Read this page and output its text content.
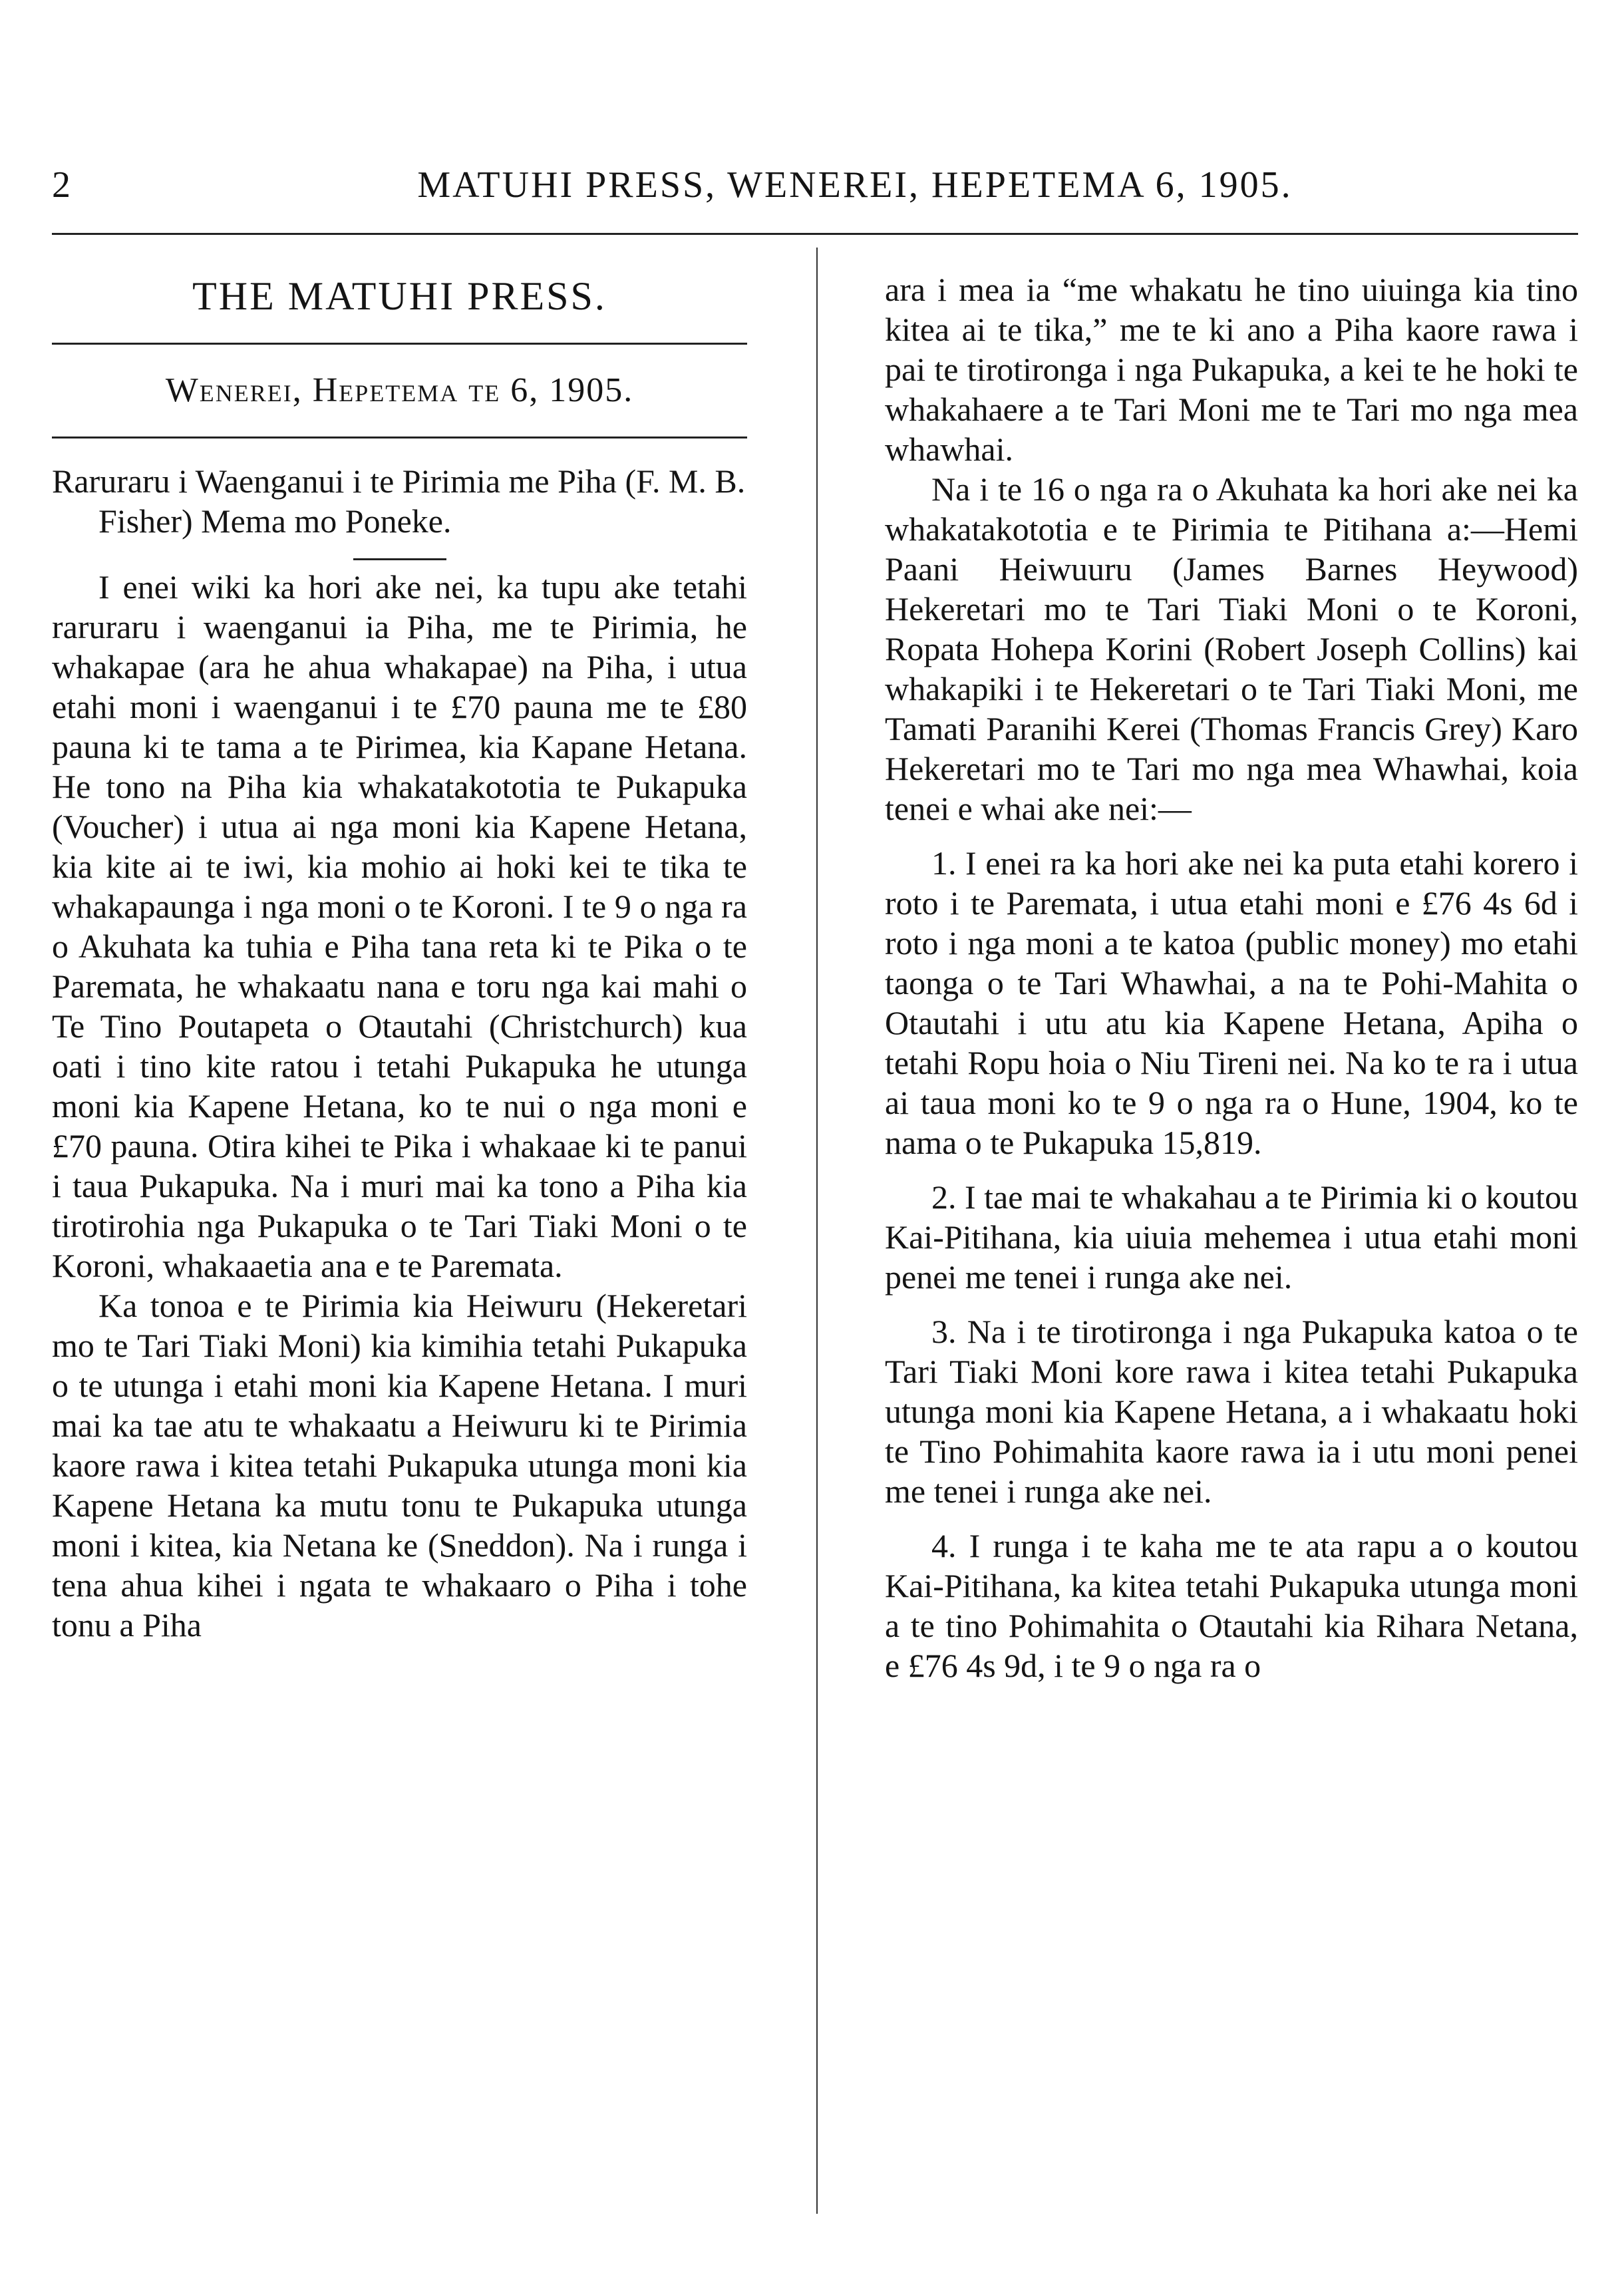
2	MATUHI PRESS, WENEREI, HEPETEMA 6, 1905.
THE MATUHI PRESS.
Wenerei, Hepetema te 6, 1905.

Raruraru i Waenganui i te Pirimia me Piha (F. M. B. Fisher) Mema mo Poneke.

I enei wiki ka hori ake nei, ka tupu ake tetahi raruraru i waenganui ia Piha, me te Pirimia, he whakapae (ara he ahua whakapae) na Piha, i utua etahi moni i waenganui i te £70 pauna me te £80 pauna ki te tama a te Pirimea, kia Kapane Hetana. He tono na Piha kia whakatakototia te Pukapuka (Voucher) i utua ai nga moni kia Kapene Hetana, kia kite ai te iwi, kia mohio ai hoki kei te tika te whakapaunga i nga moni o te Koroni. I te 9 o nga ra o Akuhata ka tuhia e Piha tana reta ki te Pika o te Paremata, he whakaatu nana e toru nga kai mahi o Te Tino Poutapeta o Otautahi (Christchurch) kua oati i tino kite ratou i tetahi Pukapuka he utunga moni kia Kapene Hetana, ko te nui o nga moni e £70 pauna. Otira kihei te Pika i whakaae ki te panui i taua Pukapuka. Na i muri mai ka tono a Piha kia tirotirohia nga Pukapuka o te Tari Tiaki Moni o te Koroni, whakaaetia ana e te Paremata.

Ka tonoa e te Pirimia kia Heiwuru (Hekeretari mo te Tari Tiaki Moni) kia kimihia tetahi Pukapuka o te utunga i etahi moni kia Kapene Hetana. I muri mai ka tae atu te whakaatu a Heiwuru ki te Pirimia kaore rawa i kitea tetahi Pukapuka utunga moni kia Kapene Hetana ka mutu tonu te Pukapuka utunga moni i kitea, kia Netana ke (Sneddon). Na i runga i tena ahua kihei i ngata te whakaaro o Piha i tohe tonu a Piha

ara i mea ia “me whakatu he tino uiuinga kia tino kitea ai te tika,” me te ki ano a Piha kaore rawa i pai te tirotironga i nga Pukapuka, a kei te he hoki te whakahaere a te Tari Moni me te Tari mo nga mea whawhai.

Na i te 16 o nga ra o Akuhata ka hori ake nei ka whakatakototia e te Pirimia te Pitihana a:—Hemi Paani Heiwuuru (James Barnes Heywood) Hekeretari mo te Tari Tiaki Moni o te Koroni, Ropata Hohepa Korini (Robert Joseph Collins) kai whakapiki i te Hekeretari o te Tari Tiaki Moni, me Tamati Paranihi Kerei (Thomas Francis Grey) Karo Hekeretari mo te Tari mo nga mea Whawhai, koia tenei e whai ake nei:—

1. I enei ra ka hori ake nei ka puta etahi korero i roto i te Paremata, i utua etahi moni e £76 4s 6d i roto i nga moni a te katoa (public money) mo etahi taonga o te Tari Whawhai, a na te Pohi-Mahita o Otautahi i utu atu kia Kapene Hetana, Apiha o tetahi Ropu hoia o Niu Tireni nei. Na ko te ra i utua ai taua moni ko te 9 o nga ra o Hune, 1904, ko te nama o te Pukapuka 15,819.

2. I tae mai te whakahau a te Pirimia ki o koutou Kai-Pitihana, kia uiuia mehemea i utua etahi moni penei me tenei i runga ake nei.

3. Na i te tirotironga i nga Pukapuka katoa o te Tari Tiaki Moni kore rawa i kitea tetahi Pukapuka utunga moni kia Kapene Hetana, a i whakaatu hoki te Tino Pohimahita kaore rawa ia i utu moni penei me tenei i runga ake nei.

4. I runga i te kaha me te ata rapu a o koutou Kai-Pitihana, ka kitea tetahi Pukapuka utunga moni a te tino Pohimahita o Otautahi kia Rihara Netana, e £76 4s 9d, i te 9 o nga ra o
